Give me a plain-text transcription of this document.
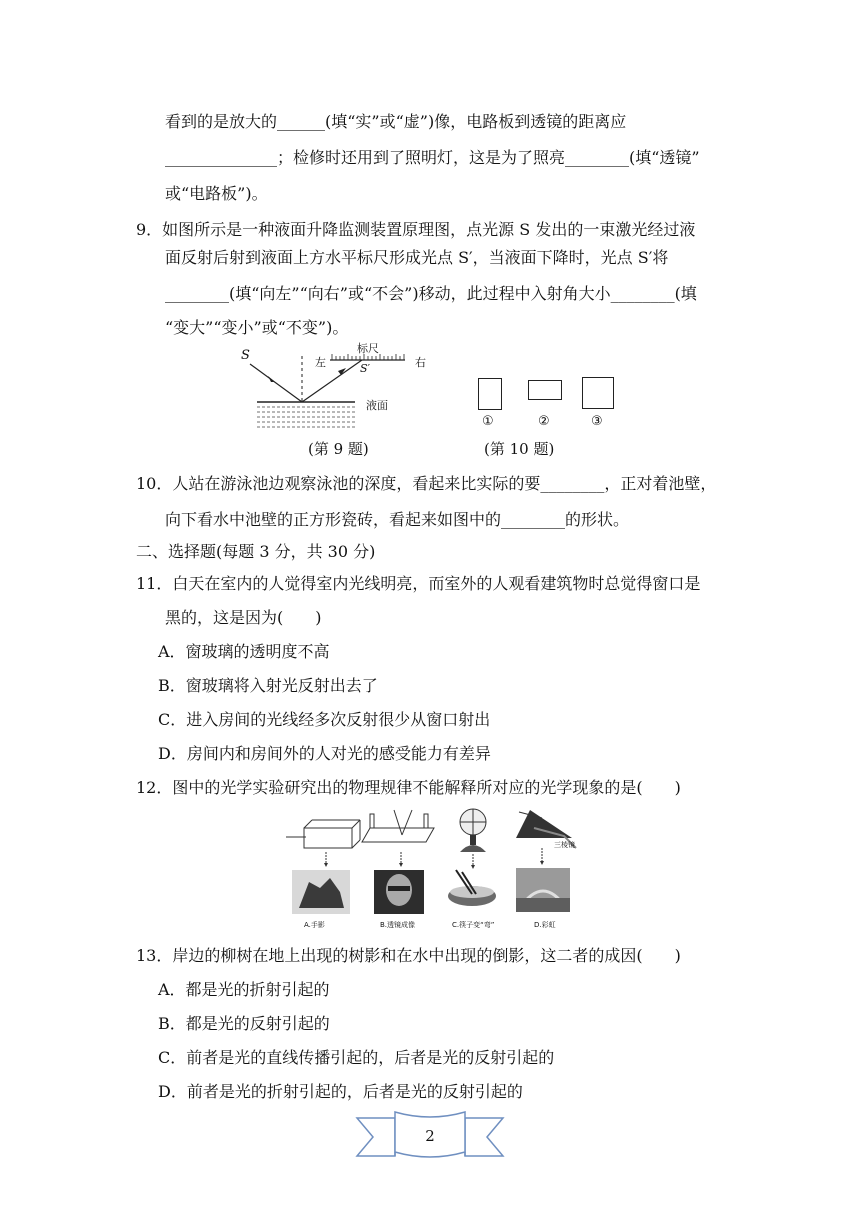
看到的是放大的______(填“实”或“虚”)像，电路板到透镜的距离应
______________；检修时还用到了照明灯，这是为了照亮________(填“透镜”
或“电路板”)。
9．如图所示是一种液面升降监测装置原理图，点光源 S 发出的一束激光经过液
面反射后射到液面上方水平标尺形成光点 S′，当液面下降时，光点 S′将
________(填“向左”“向右”或“不会”)移动，此过程中入射角大小________(填
“变大”“变小”或“不变”)。
S	左
标尺
右
S′
液面
(第 9 题)
①	②	③
(第 10 题)
10．人站在游泳池边观察泳池的深度，看起来比实际的要________，正对着池壁，
向下看水中池壁的正方形瓷砖，看起来如图中的________的形状。
二、选择题(每题 3 分，共 30 分)
11．白天在室内的人觉得室内光线明亮，而室外的人观看建筑物时总觉得窗口是
黑的，这是因为(　　)
A．窗玻璃的透明度不高
B．窗玻璃将入射光反射出去了
C．进入房间的光线经多次反射很少从窗口射出
D．房间内和房间外的人对光的感受能力有差异
12．图中的光学实验研究出的物理规律不能解释所对应的光学现象的是(　　)
A.手影	B.透镜成像	C.筷子变“弯”	D.彩虹
三棱镜
13．岸边的柳树在地上出现的树影和在水中出现的倒影，这二者的成因(　　)
A．都是光的折射引起的
B．都是光的反射引起的
C．前者是光的直线传播引起的，后者是光的反射引起的
D．前者是光的折射引起的，后者是光的反射引起的
2
